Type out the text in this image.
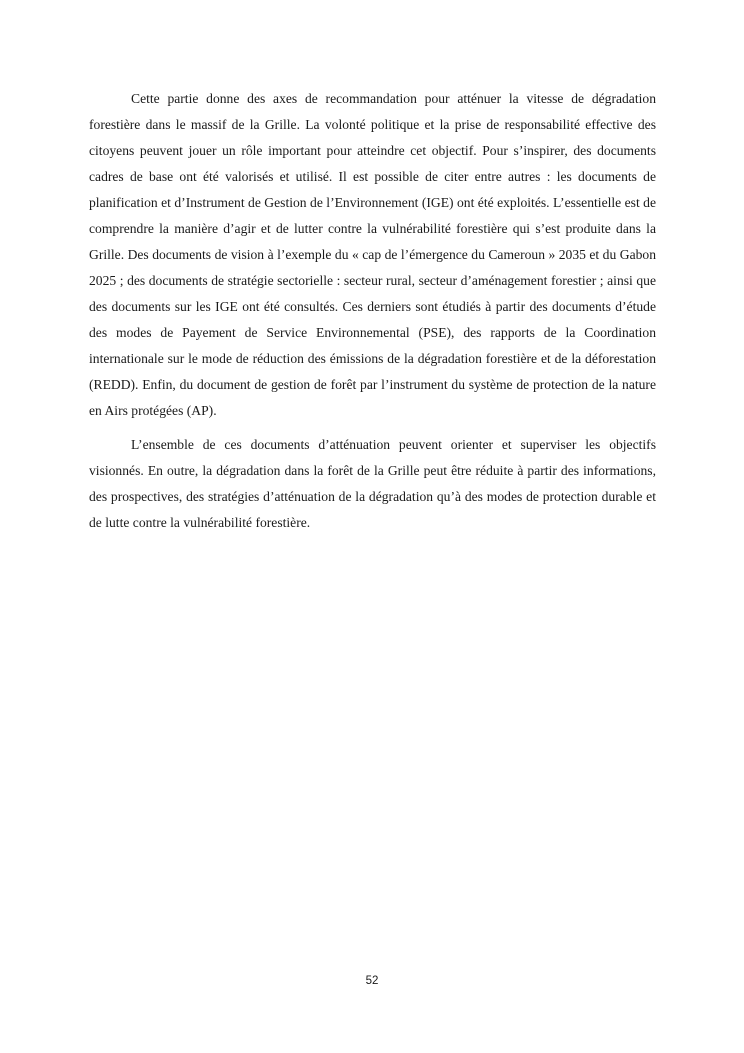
Cette partie donne des axes de recommandation pour atténuer la vitesse de dégradation forestière dans le massif de la Grille. La volonté politique et la prise de responsabilité effective des citoyens peuvent jouer un rôle important pour atteindre cet objectif. Pour s’inspirer, des documents cadres de base ont été valorisés et utilisé. Il est possible de citer entre autres : les documents de planification et d’Instrument de Gestion de l’Environnement (IGE) ont été exploités. L’essentielle est de comprendre la manière d’agir et de lutter contre la vulnérabilité forestière qui s’est produite dans la Grille. Des documents de vision à l’exemple du « cap de l’émergence du Cameroun » 2035 et du Gabon 2025 ; des documents de stratégie sectorielle : secteur rural, secteur d’aménagement forestier ; ainsi que des documents sur les IGE ont été consultés. Ces derniers sont étudiés à partir des documents d’étude des modes de Payement de Service Environnemental (PSE), des rapports de la Coordination internationale sur le mode de réduction des émissions de la dégradation forestière et de la déforestation (REDD). Enfin, du document de gestion de forêt par l’instrument du système de protection de la nature en Airs protégées (AP).

L’ensemble de ces documents d’atténuation peuvent orienter et superviser les objectifs visionnés. En outre, la dégradation dans la forêt de la Grille peut être réduite à partir des informations, des prospectives, des stratégies d’atténuation de la dégradation qu’à des modes de protection durable et de lutte contre la vulnérabilité forestière.

52
